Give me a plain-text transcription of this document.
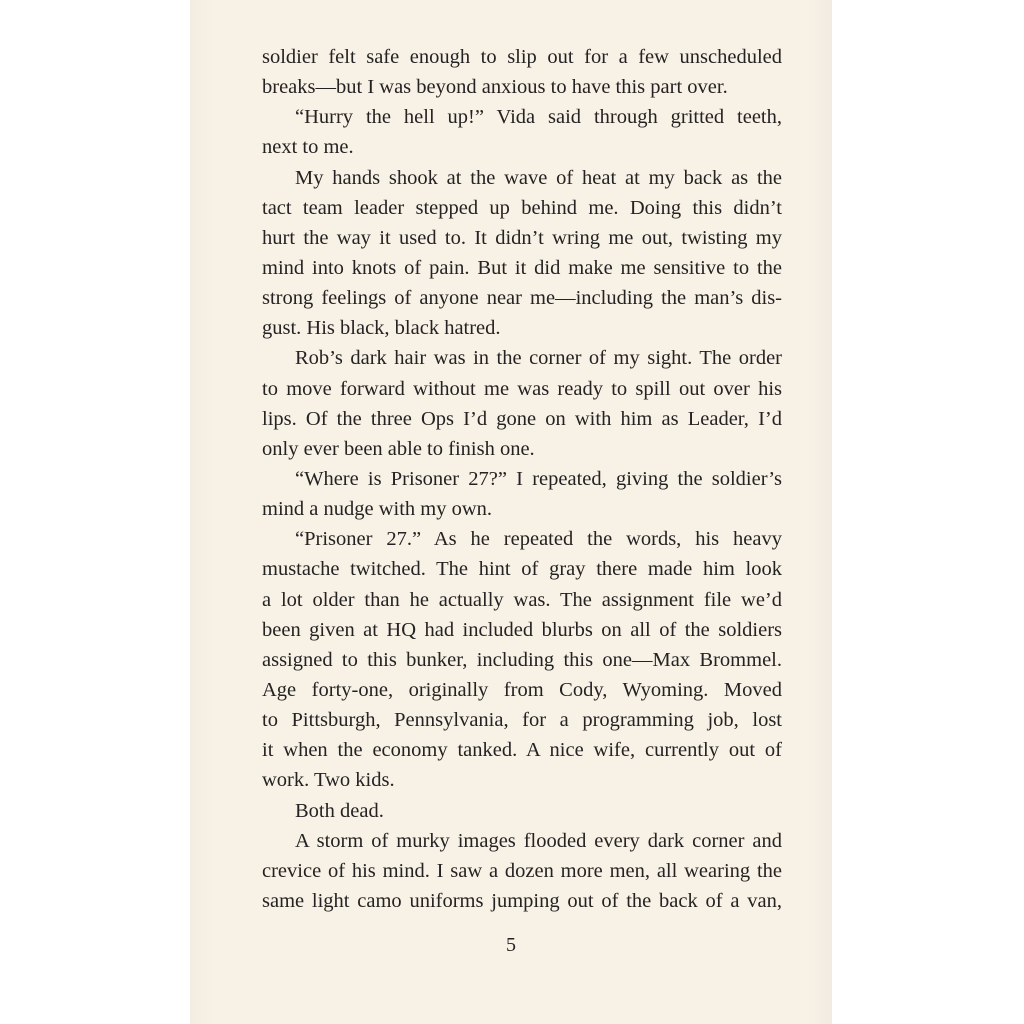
soldier felt safe enough to slip out for a few unscheduled
breaks—but I was beyond anxious to have this part over.
“Hurry the hell up!” Vida said through gritted teeth,
next to me.
My hands shook at the wave of heat at my back as the
tact team leader stepped up behind me. Doing this didn’t
hurt the way it used to. It didn’t wring me out, twisting my
mind into knots of pain. But it did make me sensitive to the
strong feelings of anyone near me—including the man’s dis-
gust. His black, black hatred.
Rob’s dark hair was in the corner of my sight. The order
to move forward without me was ready to spill out over his
lips. Of the three Ops I’d gone on with him as Leader, I’d
only ever been able to finish one.
“Where is Prisoner 27?” I repeated, giving the soldier’s
mind a nudge with my own.
“Prisoner 27.” As he repeated the words, his heavy
mustache twitched. The hint of gray there made him look
a lot older than he actually was. The assignment file we’d
been given at HQ had included blurbs on all of the soldiers
assigned to this bunker, including this one—Max Brommel.
Age forty-one, originally from Cody, Wyoming. Moved
to Pittsburgh, Pennsylvania, for a programming job, lost
it when the economy tanked. A nice wife, currently out of
work. Two kids.
Both dead.
A storm of murky images flooded every dark corner and
crevice of his mind. I saw a dozen more men, all wearing the
same light camo uniforms jumping out of the back of a van,
5
